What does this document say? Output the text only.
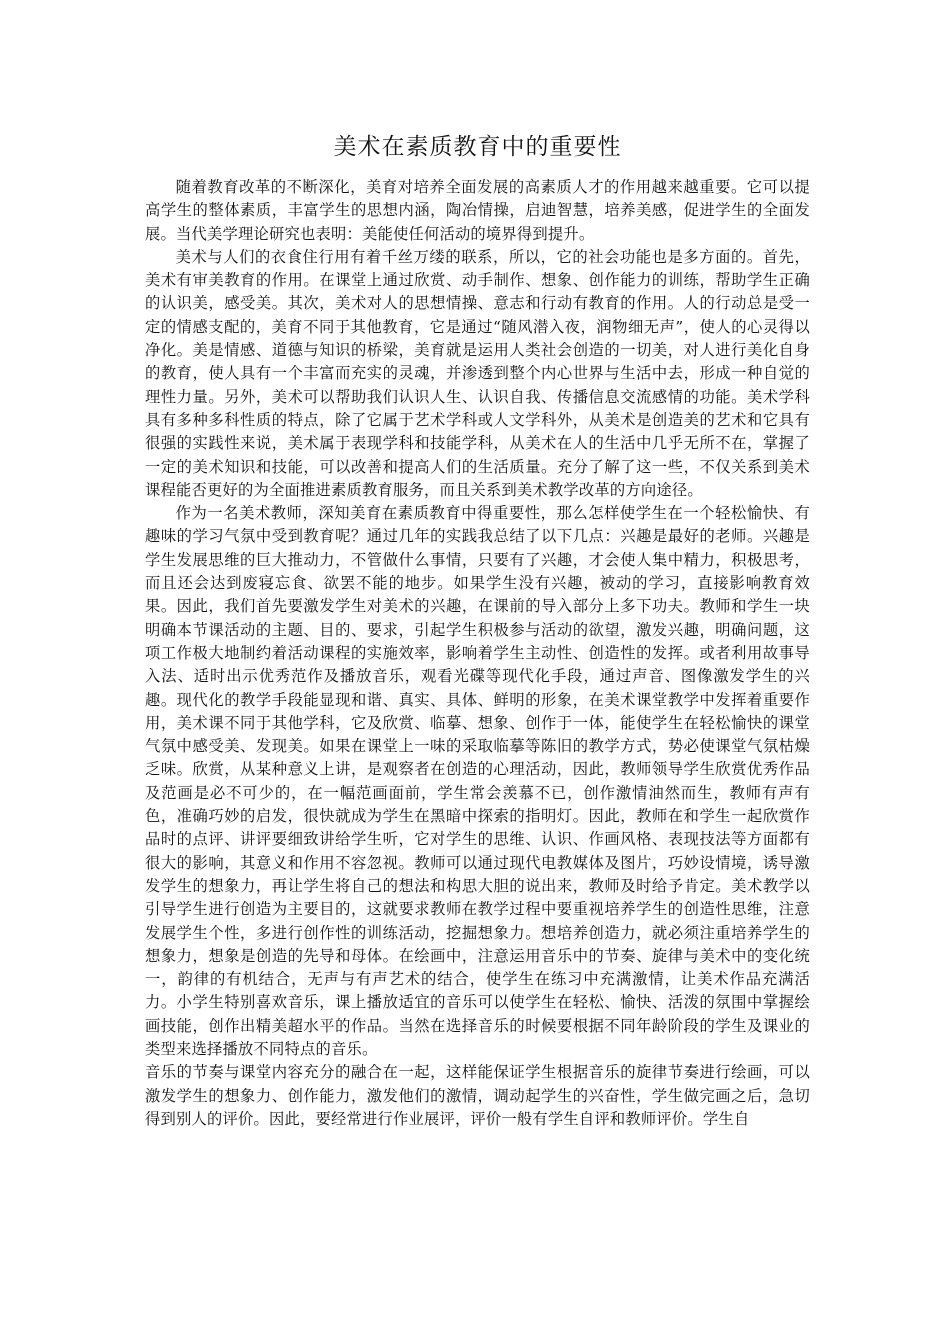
美术在素质教育中的重要性

随着教育改革的不断深化，美育对培养全面发展的高素质人才的作用越来越重要。它可以提高学生的整体素质，丰富学生的思想内涵，陶冶情操，启迪智慧，培养美感，促进学生的全面发展。当代美学理论研究也表明：美能使任何活动的境界得到提升。

美术与人们的衣食住行用有着千丝万缕的联系，所以，它的社会功能也是多方面的。首先，美术有审美教育的作用。在课堂上通过欣赏、动手制作、想象、创作能力的训练，帮助学生正确的认识美，感受美。其次，美术对人的思想情操、意志和行动有教育的作用。人的行动总是受一定的情感支配的，美育不同于其他教育，它是通过“随风潜入夜，润物细无声”，使人的心灵得以净化。美是情感、道德与知识的桥梁，美育就是运用人类社会创造的一切美，对人进行美化自身的教育，使人具有一个丰富而充实的灵魂，并渗透到整个内心世界与生活中去，形成一种自觉的理性力量。另外，美术可以帮助我们认识人生、认识自我、传播信息交流感情的功能。美术学科具有多种多科性质的特点，除了它属于艺术学科或人文学科外，从美术是创造美的艺术和它具有很强的实践性来说，美术属于表现学科和技能学科，从美术在人的生活中几乎无所不在，掌握了一定的美术知识和技能，可以改善和提高人们的生活质量。充分了解了这一些，不仅关系到美术课程能否更好的为全面推进素质教育服务，而且关系到美术教学改革的方向途径。

作为一名美术教师，深知美育在素质教育中得重要性，那么怎样使学生在一个轻松愉快、有趣味的学习气氛中受到教育呢？通过几年的实践我总结了以下几点：兴趣是最好的老师。兴趣是学生发展思维的巨大推动力，不管做什么事情，只要有了兴趣，才会使人集中精力，积极思考，而且还会达到废寝忘食、欲罢不能的地步。如果学生没有兴趣，被动的学习，直接影响教育效果。因此，我们首先要激发学生对美术的兴趣，在课前的导入部分上多下功夫。教师和学生一块明确本节课活动的主题、目的、要求，引起学生积极参与活动的欲望，激发兴趣，明确问题，这项工作极大地制约着活动课程的实施效率，影响着学生主动性、创造性的发挥。或者利用故事导入法、适时出示优秀范作及播放音乐，观看光碟等现代化手段，通过声音、图像激发学生的兴趣。现代化的教学手段能显现和谐、真实、具体、鲜明的形象，在美术课堂教学中发挥着重要作用，美术课不同于其他学科，它及欣赏、临摹、想象、创作于一体，能使学生在轻松愉快的课堂气氛中感受美、发现美。如果在课堂上一味的采取临摹等陈旧的教学方式，势必使课堂气氛枯燥乏味。欣赏，从某种意义上讲，是观察者在创造的心理活动，因此，教师领导学生欣赏优秀作品及范画是必不可少的，在一幅范画面前，学生常会羡慕不已，创作激情油然而生，教师有声有色，准确巧妙的启发，很快就成为学生在黑暗中探索的指明灯。因此，教师在和学生一起欣赏作品时的点评、讲评要细致讲给学生听，它对学生的思维、认识、作画风格、表现技法等方面都有很大的影响，其意义和作用不容忽视。教师可以通过现代电教媒体及图片，巧妙设情境，诱导激发学生的想象力，再让学生将自己的想法和构思大胆的说出来，教师及时给予肯定。美术教学以引导学生进行创造为主要目的，这就要求教师在教学过程中要重视培养学生的创造性思维，注意发展学生个性，多进行创作性的训练活动，挖掘想象力。想培养创造力，就必须注重培养学生的想象力，想象是创造的先导和母体。在绘画中，注意运用音乐中的节奏、旋律与美术中的变化统一，韵律的有机结合，无声与有声艺术的结合，使学生在练习中充满激情，让美术作品充满活力。小学生特别喜欢音乐，课上播放适宜的音乐可以使学生在轻松、愉快、活泼的氛围中掌握绘画技能，创作出精美超水平的作品。当然在选择音乐的时候要根据不同年龄阶段的学生及课业的类型来选择播放不同特点的音乐。

音乐的节奏与课堂内容充分的融合在一起，这样能保证学生根据音乐的旋律节奏进行绘画，可以激发学生的想象力、创作能力，激发他们的激情，调动起学生的兴奋性，学生做完画之后，急切得到别人的评价。因此，要经常进行作业展评，评价一般有学生自评和教师评价。学生自
